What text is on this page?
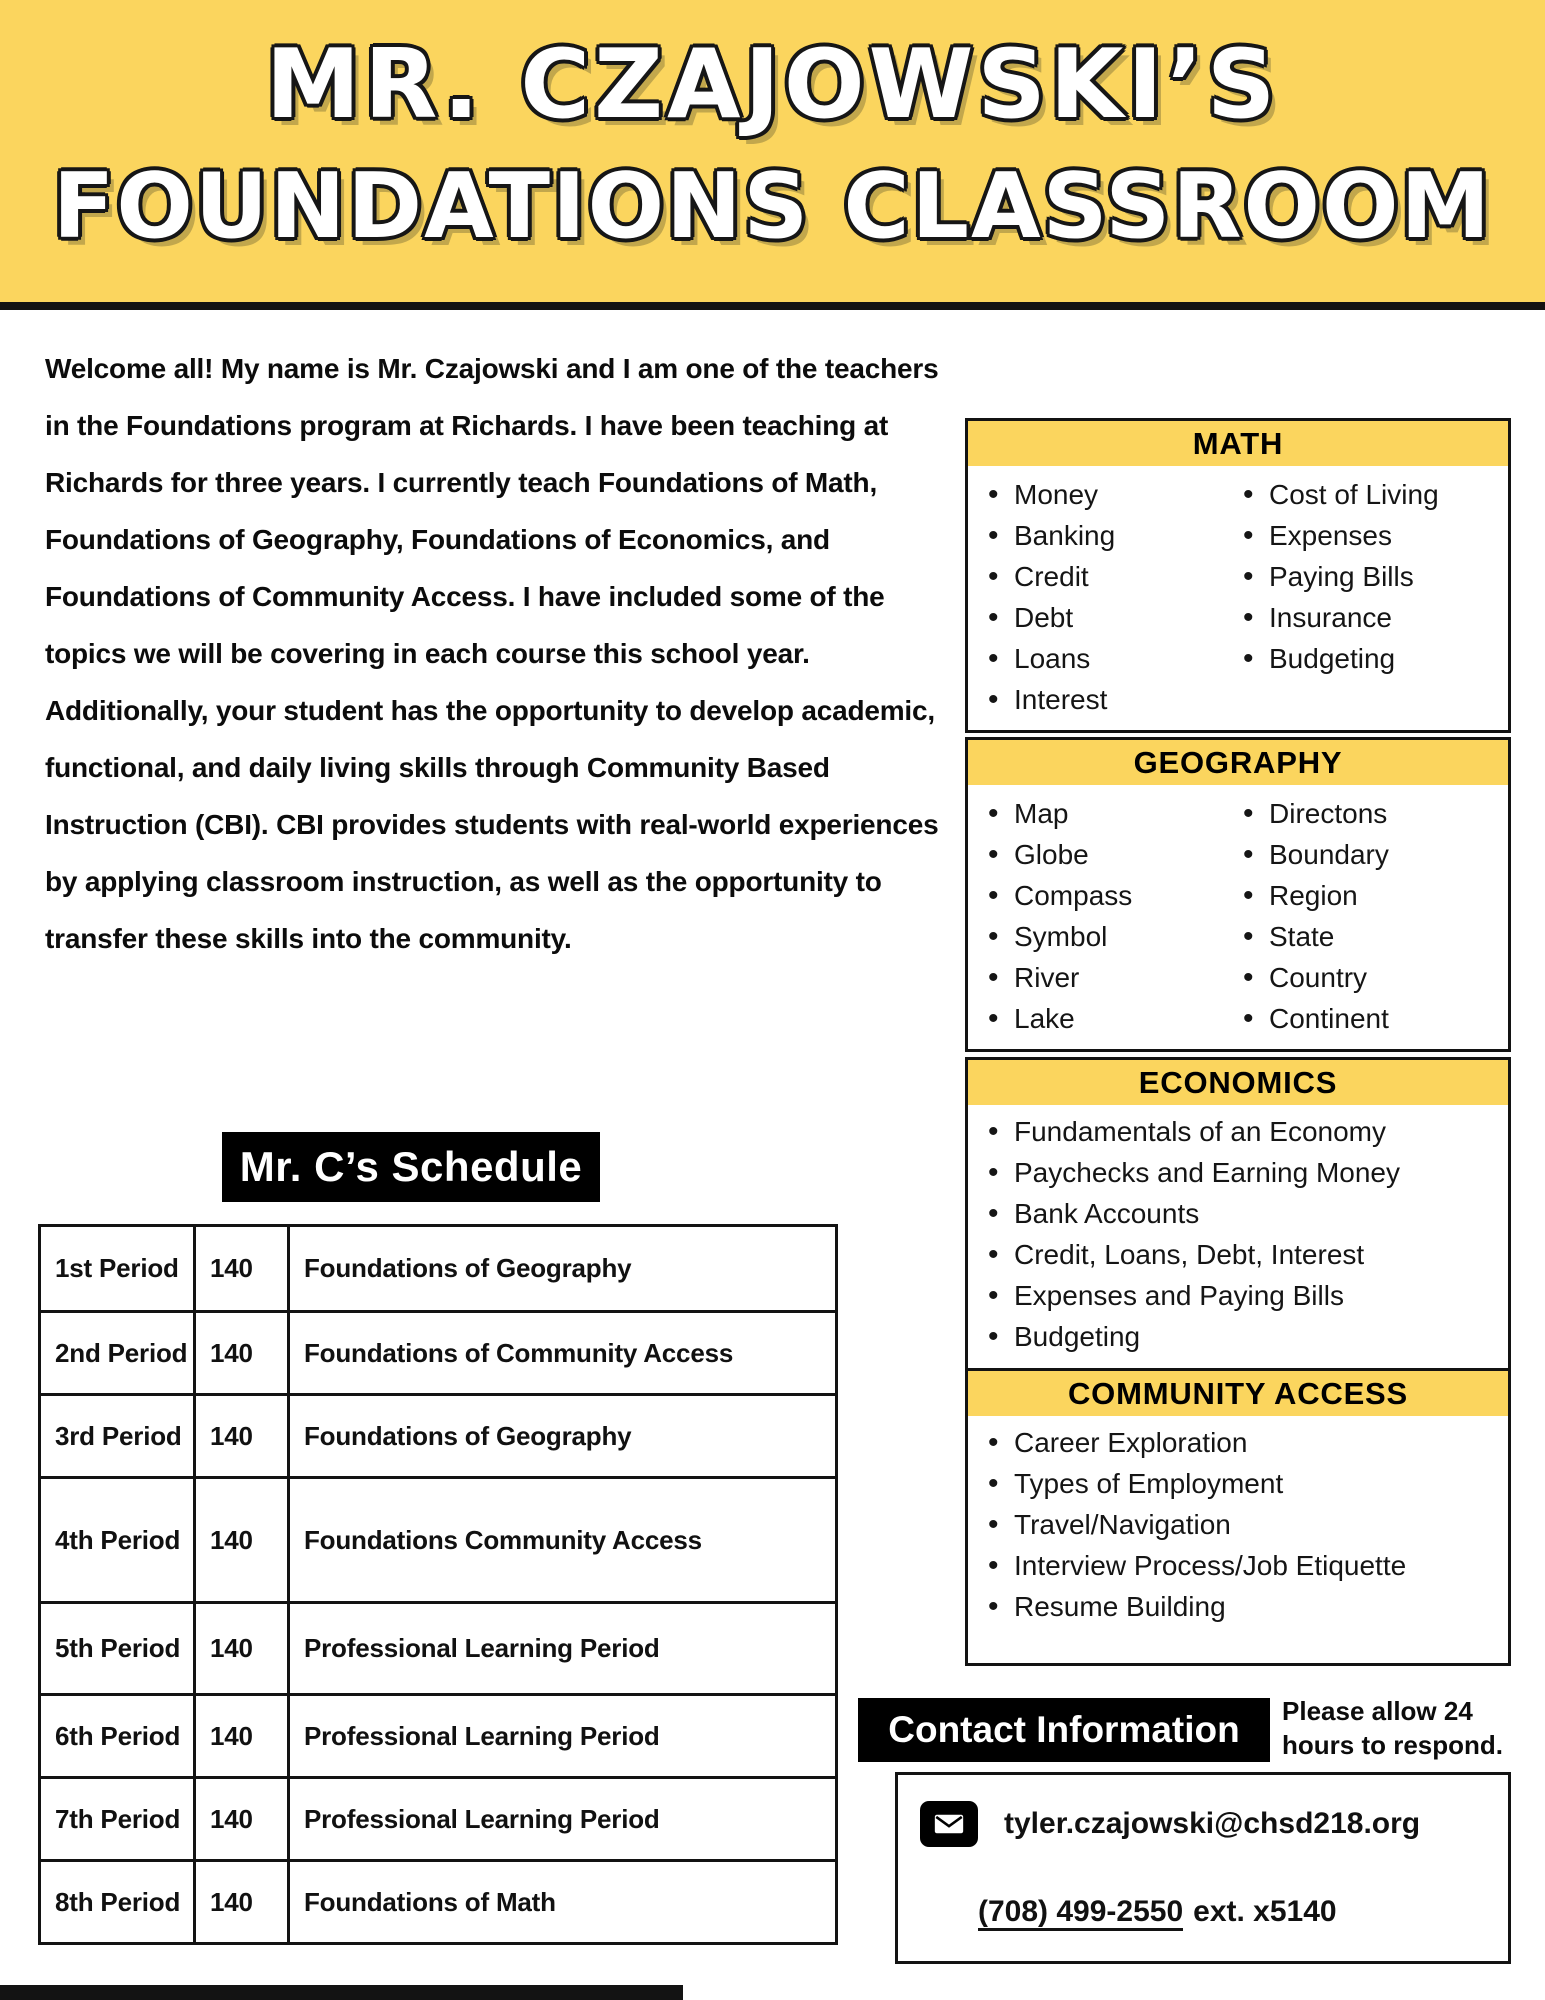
MR. CZAJOWSKI’S
FOUNDATIONS CLASSROOM

Welcome all! My name is Mr. Czajowski and I am one of the teachers in the Foundations program at Richards. I have been teaching at Richards for three years. I currently teach Foundations of Math, Foundations of Geography, Foundations of Economics, and Foundations of Community Access. I have included some of the topics we will be covering in each course this school year. Additionally, your student has the opportunity to develop academic, functional, and daily living skills through Community Based Instruction (CBI). CBI provides students with real-world experiences by applying classroom instruction, as well as the opportunity to transfer these skills into the community.

Mr. C’s Schedule
1st Period	140	Foundations of Geography
2nd Period 140	Foundations of Community Access
3rd Period	140	Foundations of Geography
4th Period	140	Foundations Community Access
5th Period	140	Professional Learning Period
6th Period	140	Professional Learning Period
7th Period	140	Professional Learning Period
8th Period	140	Foundations of Math
MATH
• Money
• Banking
• Credit
• Debt
• Loans
• Interest
• Cost of Living
• Expenses
• Paying Bills
• Insurance
• Budgeting
GEOGRAPHY
• Map
• Globe
• Compass
• Symbol
• River
• Lake
• Directons
• Boundary
• Region
• State
• Country
• Continent
ECONOMICS
• Fundamentals of an Economy
• Paychecks and Earning Money
• Bank Accounts
• Credit, Loans, Debt, Interest
• Expenses and Paying Bills
• Budgeting
COMMUNITY ACCESS
• Career Exploration
• Types of Employment
• Travel/Navigation
• Interview Process/Job Etiquette
• Resume Building
Contact Information	Please allow 24 hours to respond.
tyler.czajowski@chsd218.org
(708) 499-2550 ext. x5140
